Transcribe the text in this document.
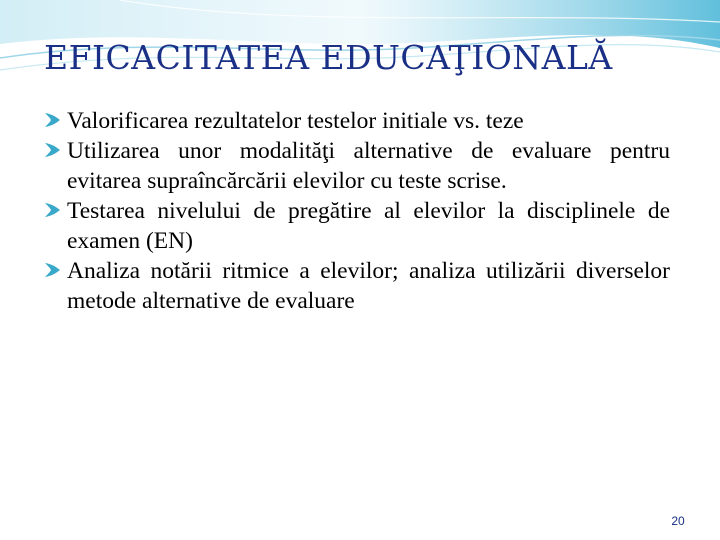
EFICACITATEA EDUCAŢIONALĂ
Valorificarea rezultatelor testelor initiale vs. teze
Utilizarea unor modalităţi alternative de evaluare pentru evitarea supraîncărcării elevilor cu teste scrise.
Testarea nivelului de pregătire al elevilor la disciplinele de examen (EN)
Analiza notării ritmice a elevilor; analiza utilizării diverselor metode alternative de evaluare
20
